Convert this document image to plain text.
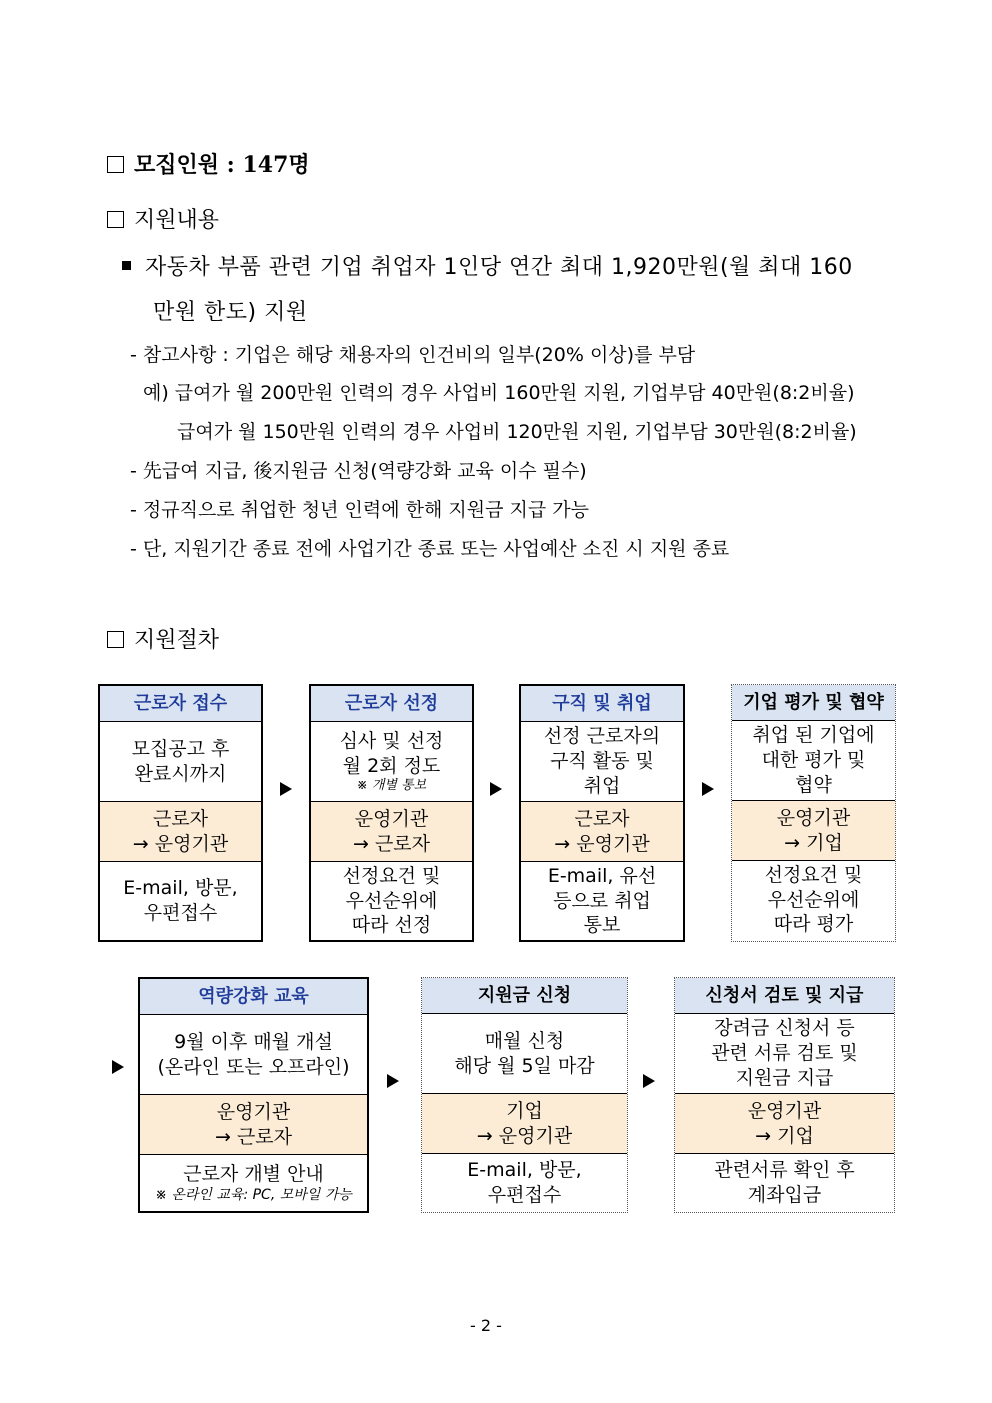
모집인원 : 147명
지원내용
자동차 부품 관련 기업 취업자 1인당 연간 최대 1,920만원(월 최대 160
만원 한도) 지원
- 참고사항 : 기업은 해당 채용자의 인건비의 일부(20% 이상)를 부담
예) 급여가 월 200만원 인력의 경우 사업비 160만원 지원, 기업부담 40만원(8:2비율)
급여가 월 150만원 인력의 경우 사업비 120만원 지원, 기업부담 30만원(8:2비율)
- 先급여 지급, 後지원금 신청(역량강화 교육 이수 필수)
- 정규직으로 취업한 청년 인력에 한해 지원금 지급 가능
- 단, 지원기간 종료 전에 사업기간 종료 또는 사업예산 소진 시 지원 종료
지원절차
근로자 접수
모집공고 후
완료시까지
근로자
→ 운영기관
E-mail, 방문,
우편접수
근로자 선정
심사 및 선정
월 2회 정도
※ 개별 통보
운영기관
→ 근로자
선정요건 및
우선순위에
따라 선정
구직 및 취업
선정 근로자의
구직 활동 및
취업
근로자
→ 운영기관
E-mail, 유선
등으로 취업
통보
기업 평가 및 협약
취업 된 기업에
대한 평가 및
협약
운영기관
→ 기업
선정요건 및
우선순위에
따라 평가
역량강화 교육
9월 이후 매월 개설
(온라인 또는 오프라인)
운영기관
→ 근로자
근로자 개별 안내
※ 온라인 교육: PC, 모바일 가능
지원금 신청
매월 신청
해당 월 5일 마감
기업
→ 운영기관
E-mail, 방문,
우편접수
신청서 검토 및 지급
장려금 신청서 등
관련 서류 검토 및
지원금 지급
운영기관
→ 기업
관련서류 확인 후
계좌입금
- 2 -
